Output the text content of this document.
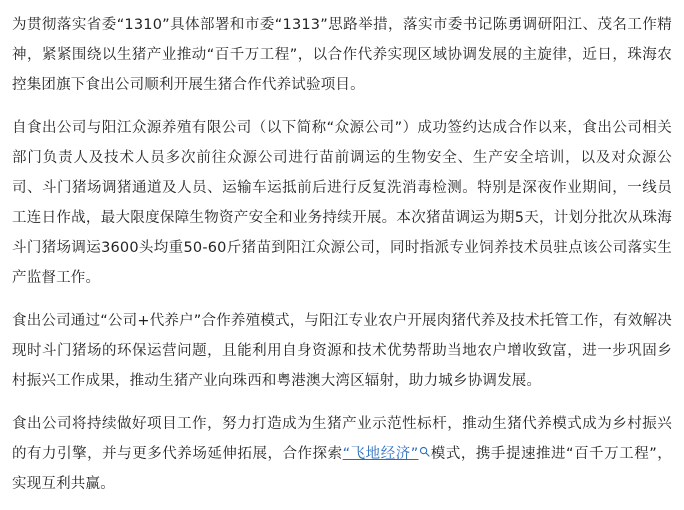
为贯彻落实省委“1310”具体部署和市委“1313”思路举措，落实市委书记陈勇调研阳江、茂名工作精神，紧紧围绕以生猪产业推动“百千万工程”，以合作代养实现区域协调发展的主旋律，近日，珠海农控集团旗下食出公司顺利开展生猪合作代养试验项目。

自食出公司与阳江众源养殖有限公司（以下简称“众源公司”）成功签约达成合作以来，食出公司相关部门负责人及技术人员多次前往众源公司进行苗前调运的生物安全、生产安全培训，以及对众源公司、斗门猪场调猪通道及人员、运输车运抵前后进行反复洗消毒检测。特别是深夜作业期间，一线员工连日作战，最大限度保障生物资产安全和业务持续开展。本次猪苗调运为期5天，计划分批次从珠海斗门猪场调运3600头均重50-60斤猪苗到阳江众源公司，同时指派专业饲养技术员驻点该公司落实生产监督工作。

食出公司通过“公司+代养户”合作养殖模式，与阳江专业农户开展肉猪代养及技术托管工作，有效解决现时斗门猪场的环保运营问题，且能利用自身资源和技术优势帮助当地农户增收致富，进一步巩固乡村振兴工作成果，推动生猪产业向珠西和粤港澳大湾区辐射，助力城乡协调发展。

食出公司将持续做好项目工作，努力打造成为生猪产业示范性标杆，推动生猪代养模式成为乡村振兴的有力引擎，并与更多代养场延伸拓展，合作探索“飞地经济” 模式，携手提速推进“百千万工程”，实现互利共赢。
